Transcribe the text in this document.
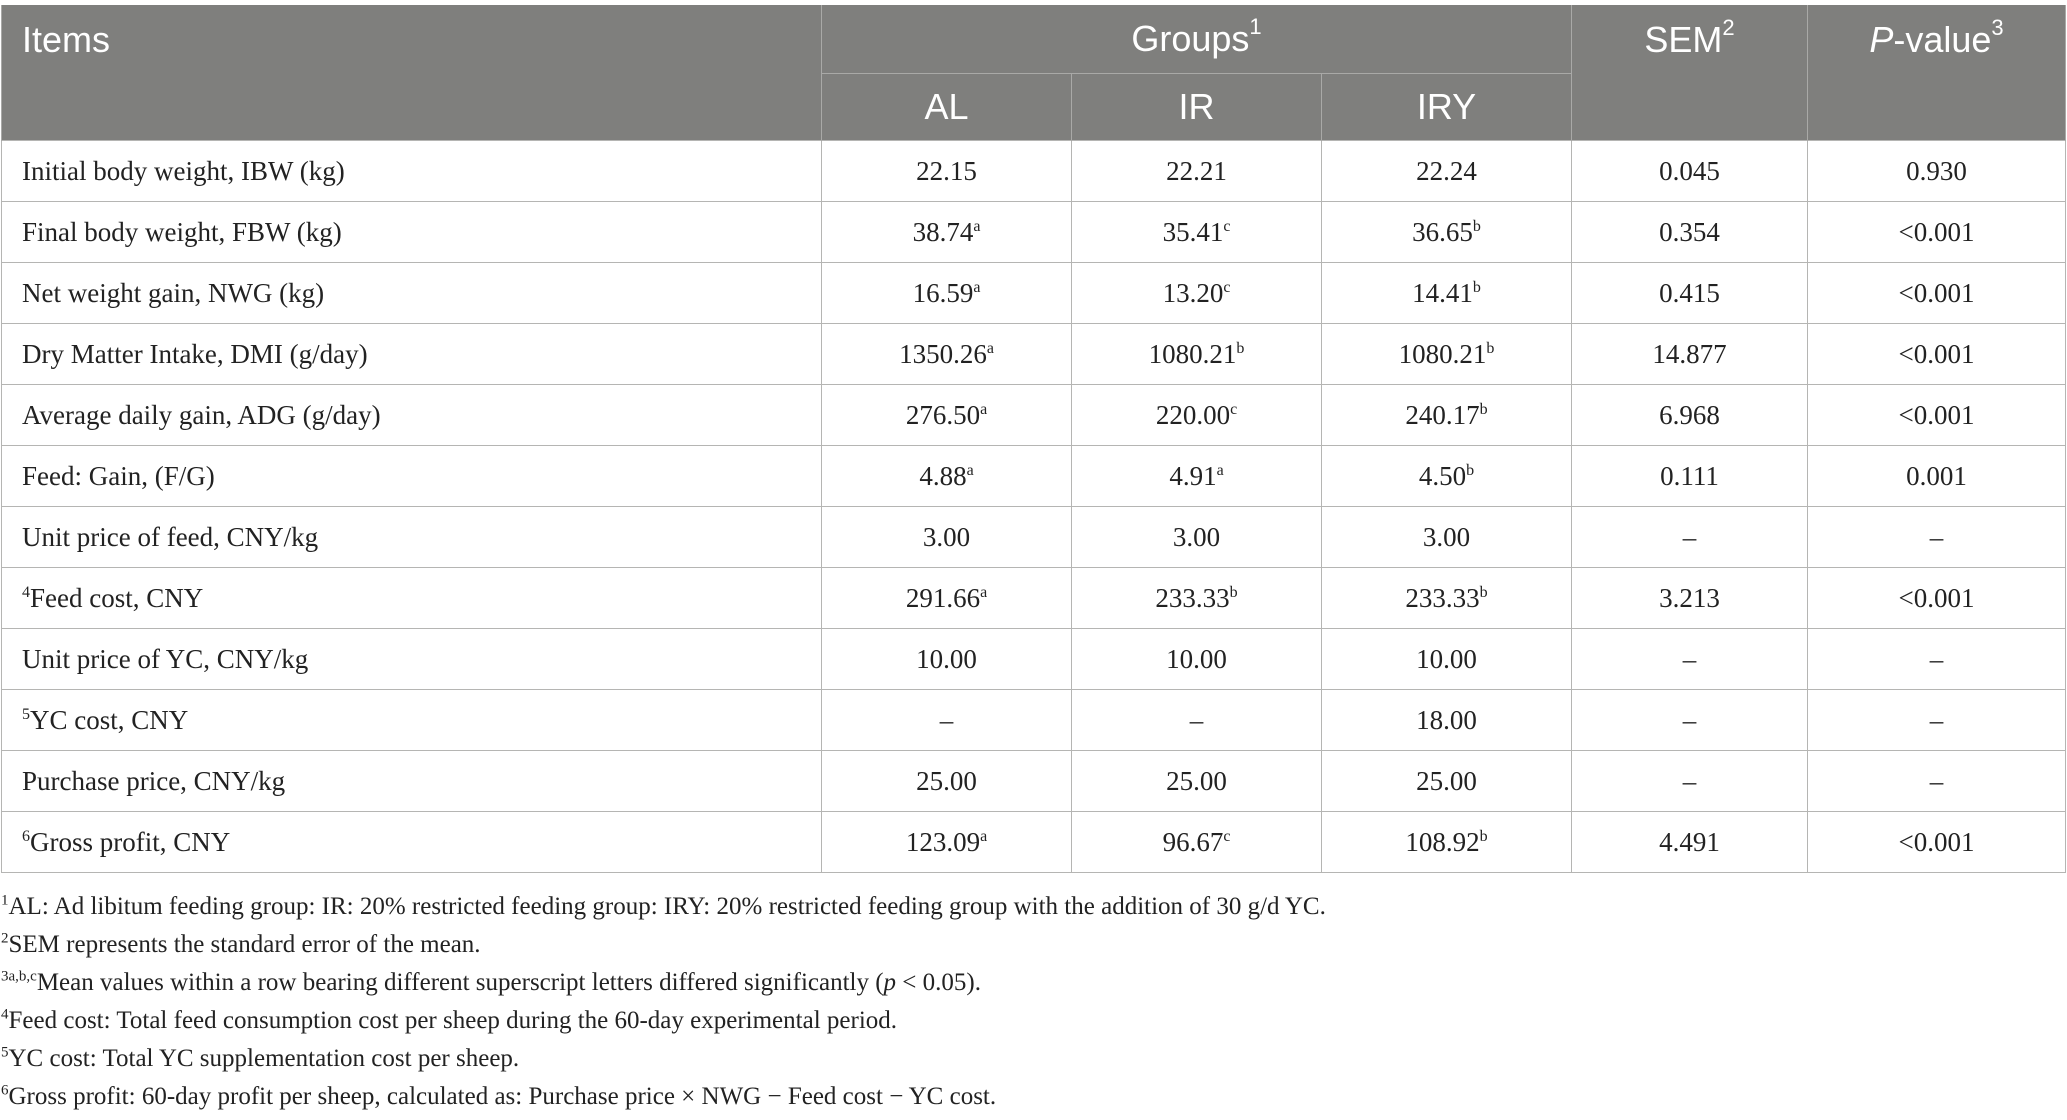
Items	Groups$^1$			SEM$^2$	P-value$^3$
	AL	IR	IRY		
Initial body weight, IBW (kg)	22.15	22.21	22.24	0.045	0.930
Final body weight, FBW (kg)	38.74$^a$	35.41$^c$	36.65$^b$	0.354	<0.001
Net weight gain, NWG (kg)	16.59$^a$	13.20$^c$	14.41$^b$	0.415	<0.001
Dry Matter Intake, DMI (g/day)	1350.26$^a$	1080.21$^b$	1080.21$^b$	14.877	<0.001
Average daily gain, ADG (g/day)	276.50$^a$	220.00$^c$	240.17$^b$	6.968	<0.001
Feed: Gain, (F/G)	4.88$^a$	4.91$^a$	4.50$^b$	0.111	0.001
Unit price of feed, CNY/kg	3.00	3.00	3.00	–	–
$^4$Feed cost, CNY	291.66$^a$	233.33$^b$	233.33$^b$	3.213	<0.001
Unit price of YC, CNY/kg	10.00	10.00	10.00	–	–
$^5$YC cost, CNY	–	–	18.00	–	–
Purchase price, CNY/kg	25.00	25.00	25.00	–	–
$^6$Gross profit, CNY	123.09$^a$	96.67$^c$	108.92$^b$	4.491	<0.001
$^1$AL: Ad libitum feeding group: IR: 20% restricted feeding group: IRY: 20% restricted feeding group with the addition of 30 g/d YC.
$^2$SEM represents the standard error of the mean.
$^{3a,b,c}$Mean values within a row bearing different superscript letters differed significantly (p < 0.05).
$^4$Feed cost: Total feed consumption cost per sheep during the 60-day experimental period.
$^5$YC cost: Total YC supplementation cost per sheep.
$^6$Gross profit: 60-day profit per sheep, calculated as: Purchase price × NWG − Feed cost − YC cost.
